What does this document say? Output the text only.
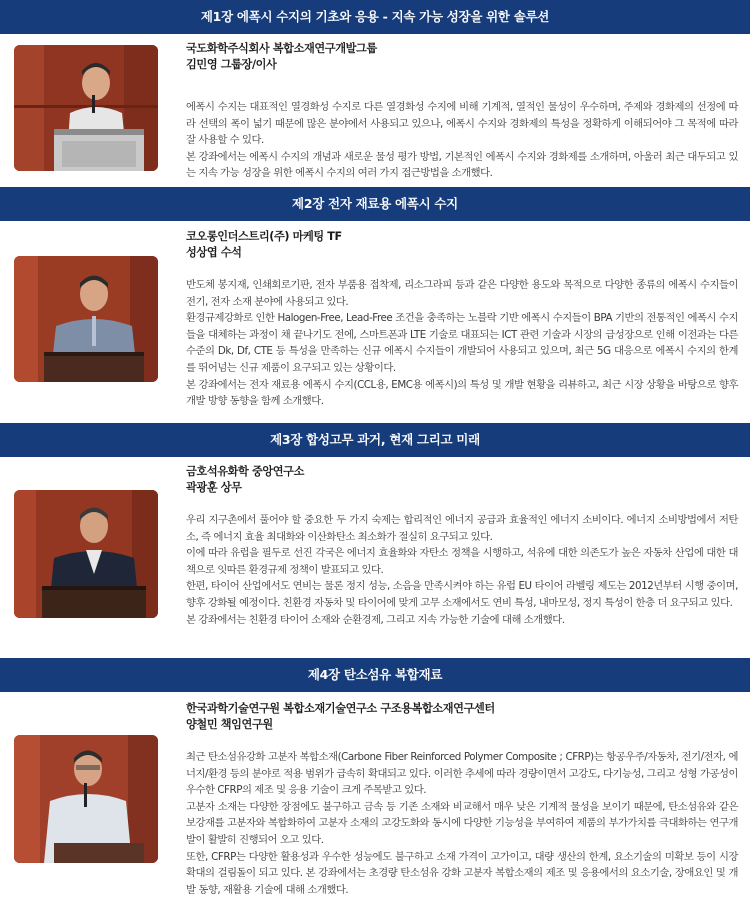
제1장 에폭시 수지의 기초와 응용 - 지속 가능 성장을 위한 솔루션
국도화학주식회사 복합소재연구개발그룹
김민영 그룹장/이사

에폭시 수지는 대표적인 열경화성 수지로 다른 열경화성 수지에 비해 기계적, 열적인 물성이 우수하며, 주제와 경화제의 선정에 따라 선택의 폭이 넓기 때문에 많은 분야에서 사용되고 있으나, 에폭시 수지와 경화제의 특성을 정확하게 이해되어야 그 목적에 따라 잘 사용할 수 있다.

본 강좌에서는 에폭시 수지의 개념과 새로운 물성 평가 방법, 기본적인 에폭시 수지와 경화제를 소개하며, 아울러 최근 대두되고 있는 지속 가능 성장을 위한 에폭시 수지의 여러 가지 접근방법을 소개했다.

제2장 전자 재료용 에폭시 수지
코오롱인더스트리(주) 마케팅 TF
성상엽 수석

반도체 봉지재, 인쇄회로기판, 전자 부품용 접착제, 리소그라피 등과 같은 다양한 용도와 목적으로 다양한 종류의 에폭시 수지들이 전기, 전자 소재 분야에 사용되고 있다.

환경규제강화로 인한 Halogen-Free, Lead-Free 조건을 충족하는 노블락 기반 에폭시 수지들이 BPA 기반의 전통적인 에폭시 수지들을 대체하는 과정이 채 끝나기도 전에, 스마트폰과 LTE 기술로 대표되는 ICT 관련 기술과 시장의 급성장으로 인해 이전과는 다른 수준의 Dk, Df, CTE 등 특성을 만족하는 신규 에폭시 수지들이 개발되어 사용되고 있으며, 최근 5G 대응으로 에폭시 수지의 한계를 뛰어넘는 신규 제품이 요구되고 있는 상황이다.

본 강좌에서는 전자 재료용 에폭시 수지(CCL용, EMC용 에폭시)의 특성 및 개발 현황을 리뷰하고, 최근 시장 상황을 바탕으로 향후 개발 방향 동향을 함께 소개했다.

제3장 합성고무 과거, 현재 그리고 미래
금호석유화학 중앙연구소
곽광훈 상무

우리 지구촌에서 풀어야 할 중요한 두 가지 숙제는 합리적인 에너지 공급과 효율적인 에너지 소비이다. 에너지 소비방법에서 저탄소, 즉 에너지 효율 최대화와 이산화탄소 최소화가 절실히 요구되고 있다.

이에 따라 유럽을 필두로 선진 각국은 에너지 효율화와 자탄소 정책을 시행하고, 석유에 대한 의존도가 높은 자동차 산업에 대한 대책으로 잇따른 환경규제 정책이 발표되고 있다.

한편, 타이어 산업에서도 연비는 물론 정지 성능, 소음을 만족시켜야 하는 유럽 EU 타이어 라벨링 제도는 2012년부터 시행 중이며, 향후 강화될 예정이다. 친환경 자동차 및 타이어에 맞게 고무 소재에서도 연비 특성, 내마모성, 정지 특성이 한층 더 요구되고 있다.

본 강좌에서는 친환경 타이어 소재와 순환경제, 그리고 지속 가능한 기술에 대해 소개했다.

제4장 탄소섬유 복합재료
한국과학기술연구원 복합소재기술연구소 구조용복합소재연구센터
양철민 책임연구원

최근 탄소섬유강화 고분자 복합소재(Carbone Fiber Reinforced Polymer Composite ; CFRP)는 항공우주/자동차, 전기/전자, 에너지/환경 등의 분야로 적용 범위가 급속히 확대되고 있다. 이러한 추세에 따라 경량이면서 고강도, 다기능성, 그리고 성형 가공성이 우수한 CFRP의 제조 및 응용 기술이 크게 주목받고 있다.

고분자 소재는 다양한 장점에도 불구하고 금속 등 기존 소재와 비교해서 매우 낮은 기계적 물성을 보이기 때문에, 탄소섬유와 같은 보강재를 고분자와 복합화하여 고분자 소재의 고강도화와 동시에 다양한 기능성을 부여하여 제품의 부가가치를 극대화하는 연구개발이 활발히 진행되어 오고 있다.

또한, CFRP는 다양한 활용성과 우수한 성능에도 불구하고 소재 가격이 고가이고, 대량 생산의 한계, 요소기술의 미확보 등이 시장 확대의 걸림돌이 되고 있다. 본 강좌에서는 초경량 탄소섬유 강화 고분자 복합소재의 제조 및 응용에서의 요소기술, 장애요인 및 개발 동향, 재활용 기술에 대해 소개했다.
